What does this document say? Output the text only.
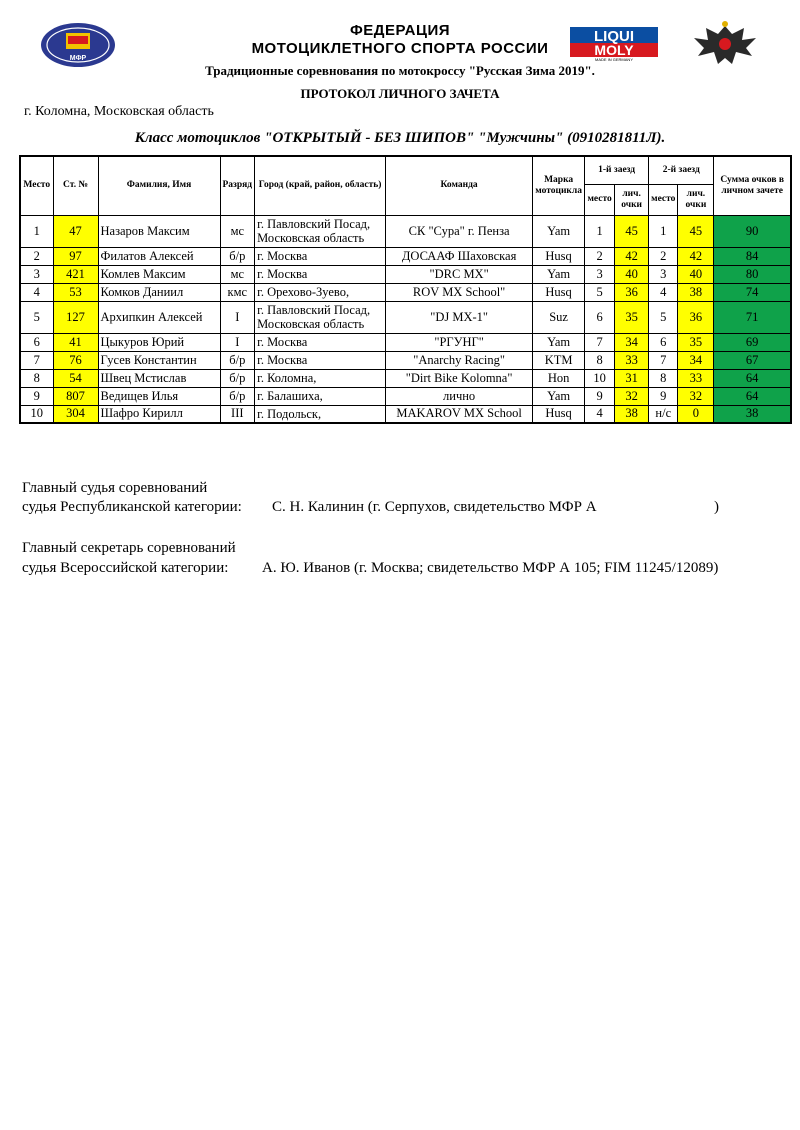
МФР
LIQUI
MOLY
MADE IN GERMANY
ФЕДЕРАЦИЯ
МОТОЦИКЛЕТНОГО СПОРТА РОССИИ
Традиционные соревнования по мотокроссу "Русская Зима 2019".
ПРОТОКОЛ ЛИЧНОГО ЗАЧЕТА
г. Коломна, Московская область
Класс мотоциклов "ОТКРЫТЫЙ - БЕЗ ШИПОВ" "Мужчины" (0910281811Л).
Место	Ст. №	Фамилия, Имя	Разряд	Город (край, район, область)	Команда	Марка мотоцикла	1-й заезд		2-й заезд		Сумма очков в личном зачете
							место	лич. очки	место	лич. очки	
1	47	Назаров Максим	мс	г. Павловский Посад, Московская область	СК "Сура" г. Пенза	Yam	1	45	1	45	90
2	97	Филатов Алексей	б/р	г. Москва	ДОСААФ Шаховская	Husq	2	42	2	42	84
3	421	Комлев Максим	мс	г. Москва	"DRC MX"	Yam	3	40	3	40	80
4	53	Комков Даниил	кмс	г. Орехово-Зуево,	ROV MX School"	Husq	5	36	4	38	74
5	127	Архипкин Алексей	I	г. Павловский Посад, Московская область	"DJ MX-1"	Suz	6	35	5	36	71
6	41	Цыкуров Юрий	I	г. Москва	"РГУНГ"	Yam	7	34	6	35	69
7	76	Гусев Константин	б/р	г. Москва	"Anarchy Racing"	KTM	8	33	7	34	67
8	54	Швец Мстислав	б/р	г. Коломна,	"Dirt Bike Kolomna"	Hon	10	31	8	33	64
9	807	Ведищев Илья	б/р	г. Балашиха,	лично	Yam	9	32	9	32	64
10	304	Шафро Кирилл	III	г. Подольск,	MAKAROV MX School	Husq	4	38	н/с	0	38
Главный судья соревнований
судья Республиканской категории: С. Н. Калинин (г. Серпухов, свидетельство МФР А	)
Главный секретарь соревнований
судья Всероссийской категории: А. Ю. Иванов (г. Москва; свидетельство МФР А 105; FIM 11245/12089)
